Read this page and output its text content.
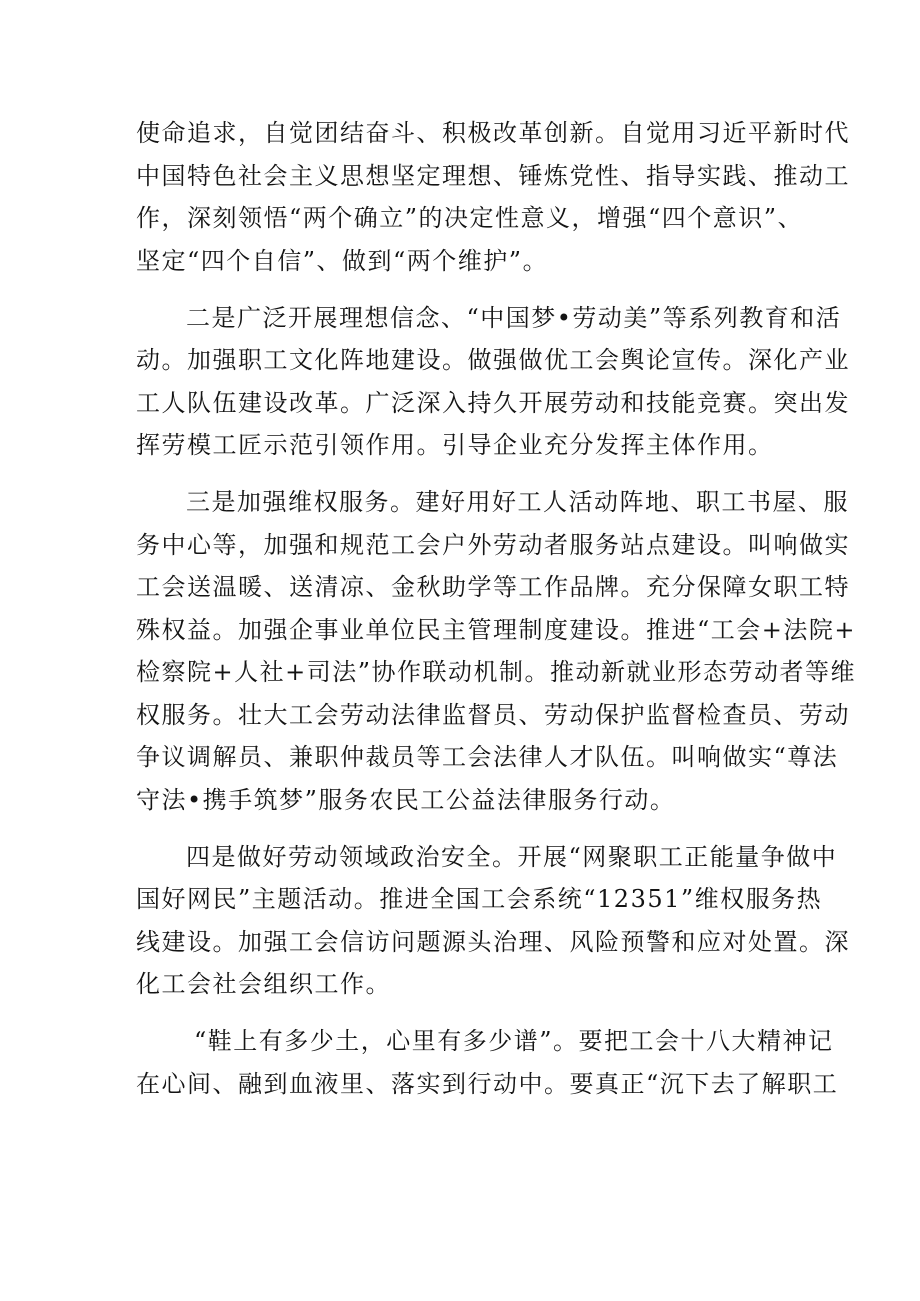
使命追求，自觉团结奋斗、积极改革创新。自觉用习近平新时代
中国特色社会主义思想坚定理想、锤炼党性、指导实践、推动工
作，深刻领悟“两个确立”的决定性意义，增强“四个意识”、
坚定“四个自信”、做到“两个维护”。

二是广泛开展理想信念、“中国梦•劳动美”等系列教育和活
动。加强职工文化阵地建设。做强做优工会舆论宣传。深化产业
工人队伍建设改革。广泛深入持久开展劳动和技能竞赛。突出发
挥劳模工匠示范引领作用。引导企业充分发挥主体作用。

三是加强维权服务。建好用好工人活动阵地、职工书屋、服
务中心等，加强和规范工会户外劳动者服务站点建设。叫响做实
工会送温暖、送清凉、金秋助学等工作品牌。充分保障女职工特
殊权益。加强企事业单位民主管理制度建设。推进“工会+法院+
检察院+人社+司法”协作联动机制。推动新就业形态劳动者等维
权服务。壮大工会劳动法律监督员、劳动保护监督检查员、劳动
争议调解员、兼职仲裁员等工会法律人才队伍。叫响做实“尊法
守法•携手筑梦”服务农民工公益法律服务行动。

四是做好劳动领域政治安全。开展“网聚职工正能量争做中
国好网民”主题活动。推进全国工会系统“12351”维权服务热
线建设。加强工会信访问题源头治理、风险预警和应对处置。深
化工会社会组织工作。

“鞋上有多少土，心里有多少谱”。要把工会十八大精神记
在心间、融到血液里、落实到行动中。要真正“沉下去了解职工
